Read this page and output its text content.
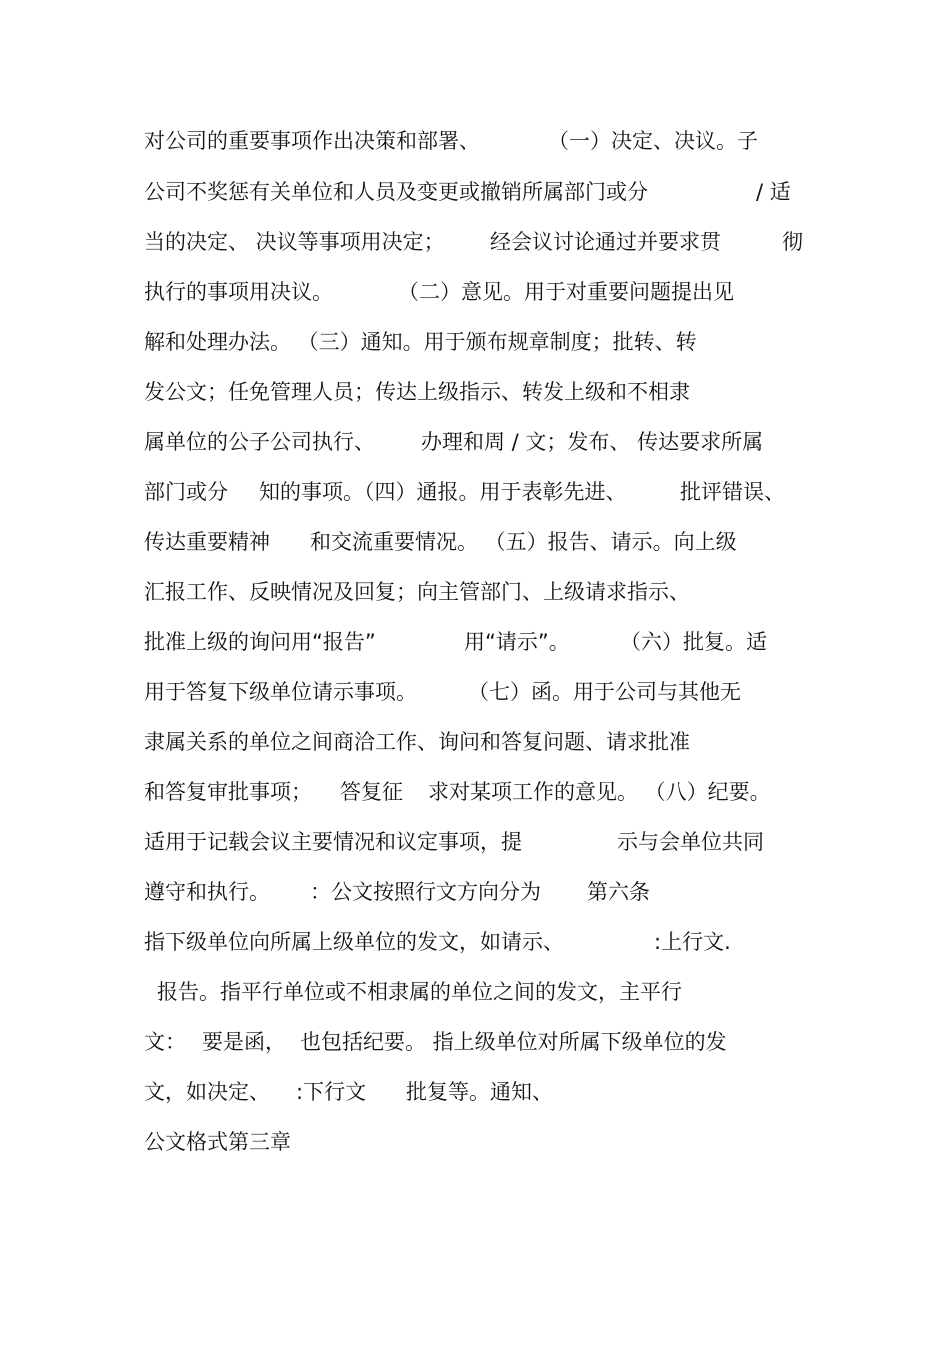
对公司的重要事项作出决策和部署、

	（一）决定、决议。子

公司不奖惩有关单位和人员及变更或撤销所属部门或分

	/ 适

当的决定、 决议等事项用决定；

经会议讨论通过并要求贯

	彻

执行的事项用决议。

	（二）意见。用于对重要问题提出见

解和处理办法。 （三）通知。用于颁布规章制度；批转、转

发公文；任免管理人员；传达上级指示、转发上级和不相隶

属单位的公子公司执行、

办理和周 / 文；发布、 传达要求所属

部门或分

知的事项。（四）通报。用于表彰先进、

	批评错误、

传达重要精神

和交流重要情况。 （五）报告、请示。向上级

汇报工作、反映情况及回复；向主管部门、上级请求指示、

批准上级的询问用“报告”

	用“请示”。

（六）批复。适

用于答复下级单位请示事项。

（七）函。用于公司与其他无

隶属关系的单位之间商洽工作、询问和答复问题、请求批准

和答复审批事项；

答复征

求对某项工作的意见。 （八）纪要。

适用于记载会议主要情况和议定事项，提

	示与会单位共同

遵守和执行。

：公文按照行文方向分为

第六条

指下级单位向所属上级单位的发文，如请示、

	:上行文.

报告。指平行单位或不相隶属的单位之间的发文，主平行

文：

要是函，

也包括纪要。 指上级单位对所属下级单位的发

文，如决定、

:下行文

批复等。通知、

公文格式第三章
